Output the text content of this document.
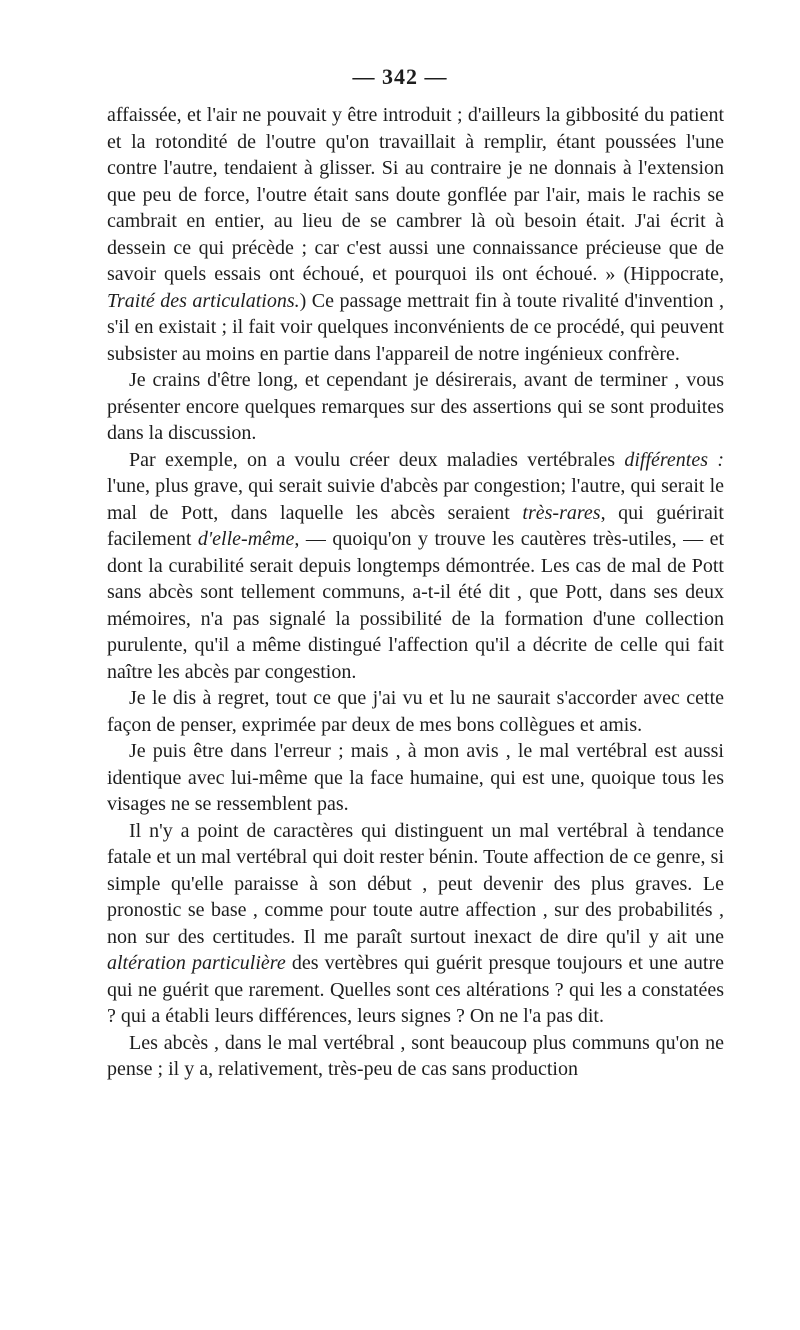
— 342 —

affaissée, et l'air ne pouvait y être introduit ; d'ailleurs la gibbosité du patient et la rotondité de l'outre qu'on travaillait à remplir, étant poussées l'une contre l'autre, tendaient à glisser. Si au contraire je ne donnais à l'extension que peu de force, l'outre était sans doute gonflée par l'air, mais le rachis se cambrait en entier, au lieu de se cambrer là où besoin était. J'ai écrit à dessein ce qui précède ; car c'est aussi une connaissance précieuse que de savoir quels essais ont échoué, et pourquoi ils ont échoué. » (Hippocrate, Traité des articulations.) Ce passage mettrait fin à toute rivalité d'invention , s'il en existait ; il fait voir quelques inconvénients de ce procédé, qui peuvent subsister au moins en partie dans l'appareil de notre ingénieux confrère.

Je crains d'être long, et cependant je désirerais, avant de terminer , vous présenter encore quelques remarques sur des assertions qui se sont produites dans la discussion.

Par exemple, on a voulu créer deux maladies vertébrales différentes : l'une, plus grave, qui serait suivie d'abcès par congestion; l'autre, qui serait le mal de Pott, dans laquelle les abcès seraient très-rares, qui guérirait facilement d'elle-même, — quoiqu'on y trouve les cautères très-utiles, — et dont la curabilité serait depuis longtemps démontrée. Les cas de mal de Pott sans abcès sont tellement communs, a-t-il été dit , que Pott, dans ses deux mémoires, n'a pas signalé la possibilité de la formation d'une collection purulente, qu'il a même distingué l'affection qu'il a décrite de celle qui fait naître les abcès par congestion.

Je le dis à regret, tout ce que j'ai vu et lu ne saurait s'accorder avec cette façon de penser, exprimée par deux de mes bons collègues et amis.

Je puis être dans l'erreur ; mais , à mon avis , le mal vertébral est aussi identique avec lui-même que la face humaine, qui est une, quoique tous les visages ne se ressemblent pas.

Il n'y a point de caractères qui distinguent un mal vertébral à tendance fatale et un mal vertébral qui doit rester bénin. Toute affection de ce genre, si simple qu'elle paraisse à son début , peut devenir des plus graves. Le pronostic se base , comme pour toute autre affection , sur des probabilités , non sur des certitudes. Il me paraît surtout inexact de dire qu'il y ait une altération particulière des vertèbres qui guérit presque toujours et une autre qui ne guérit que rarement. Quelles sont ces altérations ? qui les a constatées ? qui a établi leurs différences, leurs signes ? On ne l'a pas dit.

Les abcès , dans le mal vertébral , sont beaucoup plus communs qu'on ne pense ; il y a, relativement, très-peu de cas sans production
